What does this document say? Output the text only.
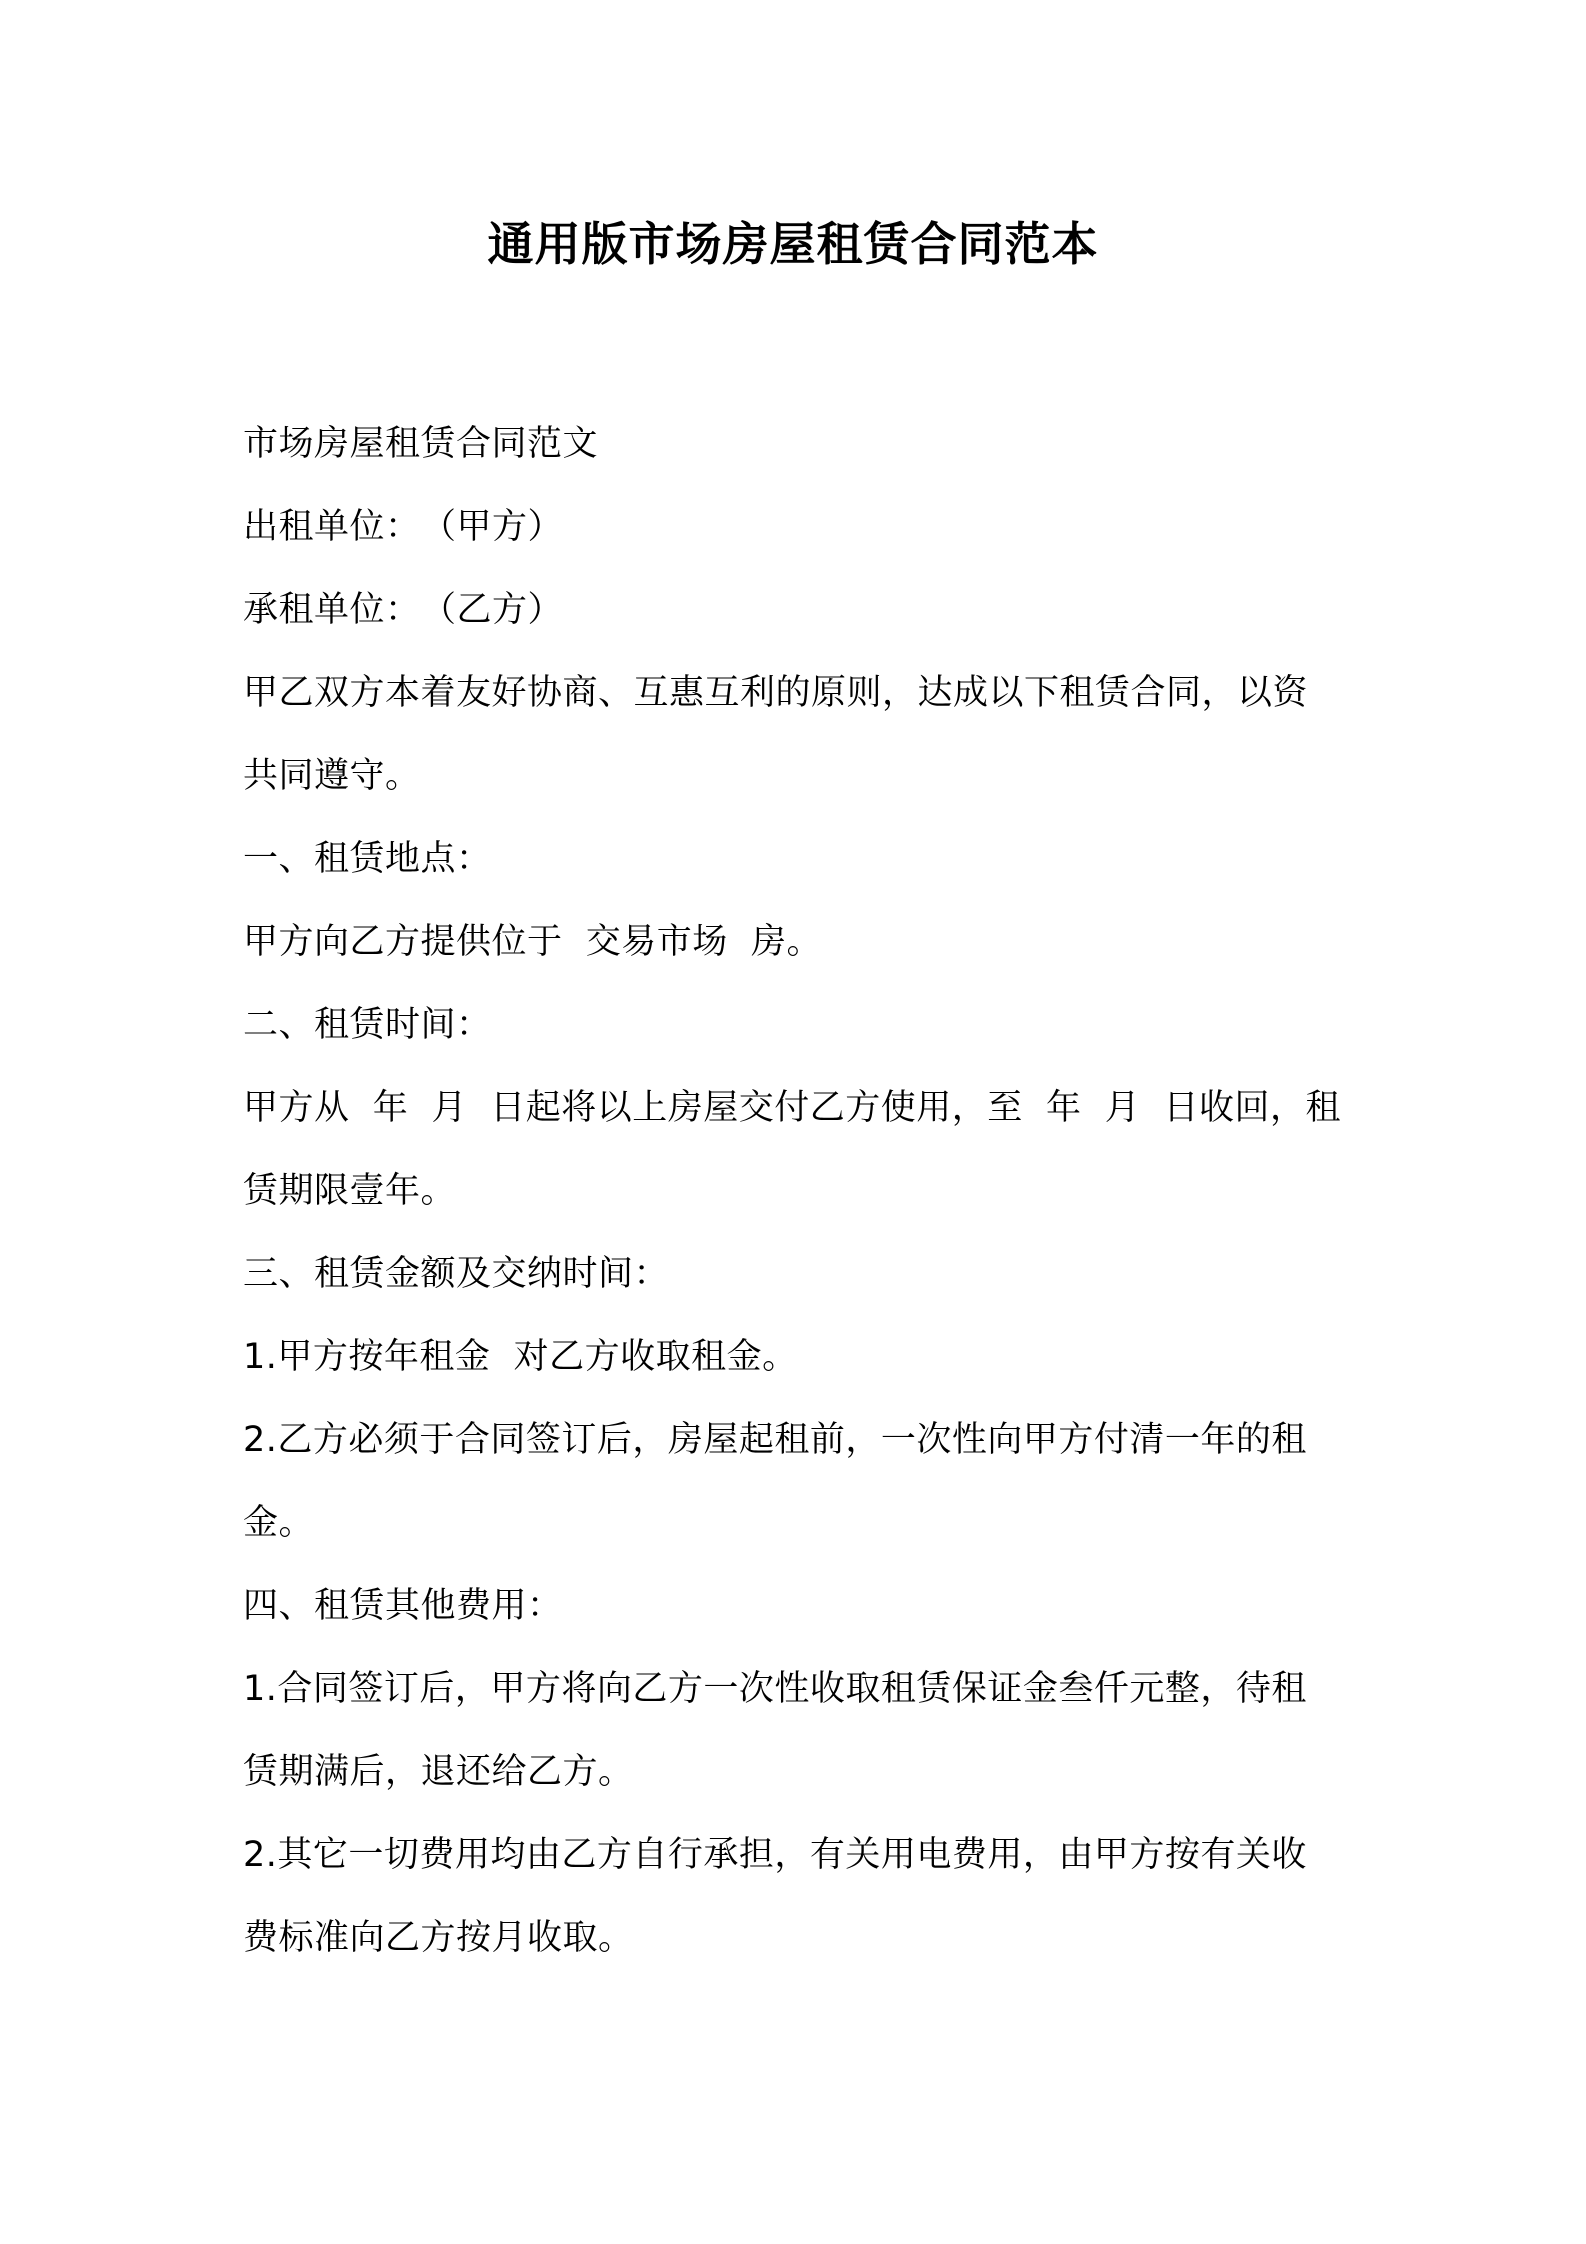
通用版市场房屋租赁合同范本
市场房屋租赁合同范文
出租单位：　（甲方）
承租单位：　（乙方）
甲乙双方本着友好协商、互惠互利的原则，达成以下租赁合同，以资
共同遵守。
一、租赁地点：
甲方向乙方提供位于  交易市场  房。
二、租赁时间：
甲方从  年  月  日起将以上房屋交付乙方使用，至  年  月  日收回，租
赁期限壹年。
三、租赁金额及交纳时间：
1.甲方按年租金  对乙方收取租金。
2.乙方必须于合同签订后，房屋起租前，一次性向甲方付清一年的租
金。
四、租赁其他费用：
1.合同签订后，甲方将向乙方一次性收取租赁保证金叁仟元整，待租
赁期满后，退还给乙方。
2.其它一切费用均由乙方自行承担，有关用电费用，由甲方按有关收
费标准向乙方按月收取。
